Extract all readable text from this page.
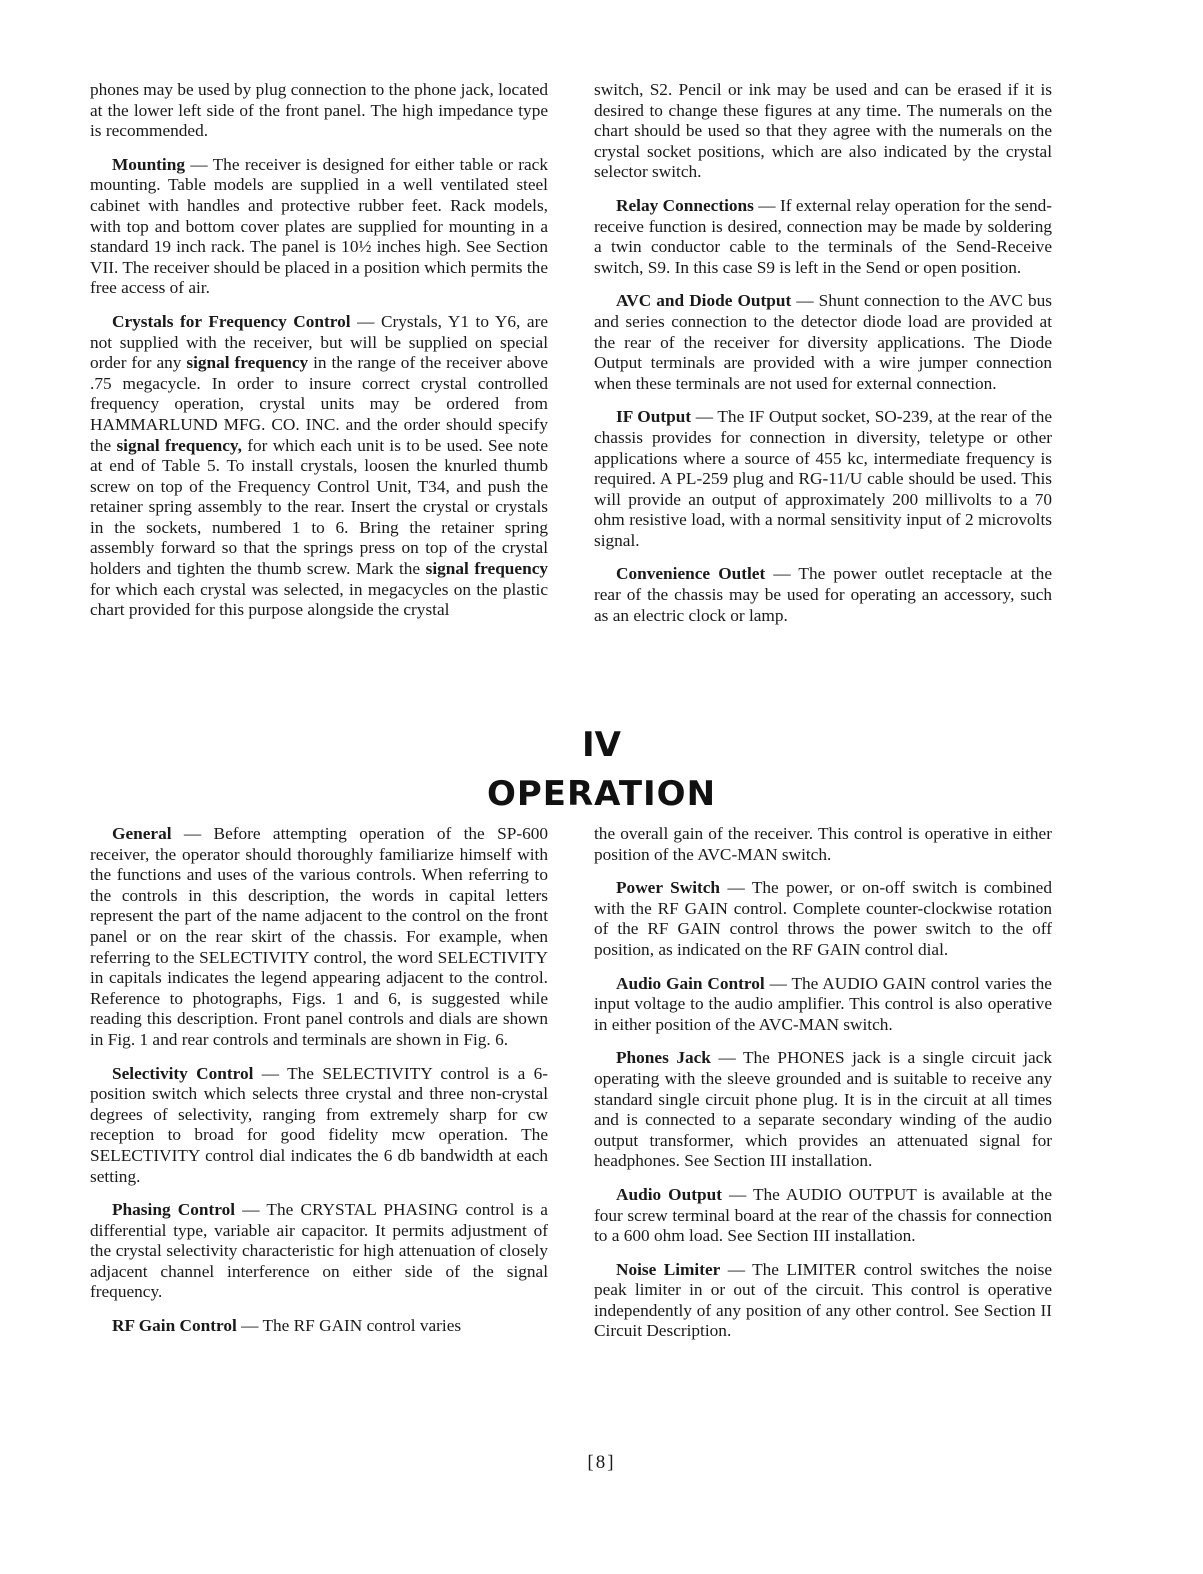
phones may be used by plug connection to the phone jack, located at the lower left side of the front panel. The high impedance type is recommended.

Mounting — The receiver is designed for either table or rack mounting. Table models are supplied in a well ventilated steel cabinet with handles and protective rubber feet. Rack models, with top and bottom cover plates are supplied for mounting in a standard 19 inch rack. The panel is 10½ inches high. See Section VII. The receiver should be placed in a position which permits the free access of air.

Crystals for Frequency Control — Crystals, Y1 to Y6, are not supplied with the receiver, but will be supplied on special order for any signal frequency in the range of the receiver above .75 megacycle. In order to insure correct crystal controlled frequency operation, crystal units may be ordered from HAMMARLUND MFG. CO. INC. and the order should specify the signal frequency, for which each unit is to be used. See note at end of Table 5. To install crystals, loosen the knurled thumb screw on top of the Frequency Control Unit, T34, and push the retainer spring assembly to the rear. Insert the crystal or crystals in the sockets, numbered 1 to 6. Bring the retainer spring assembly forward so that the springs press on top of the crystal holders and tighten the thumb screw. Mark the signal frequency for which each crystal was selected, in megacycles on the plastic chart provided for this purpose alongside the crystal

switch, S2. Pencil or ink may be used and can be erased if it is desired to change these figures at any time. The numerals on the chart should be used so that they agree with the numerals on the crystal socket positions, which are also indicated by the crystal selector switch.

Relay Connections — If external relay operation for the send-receive function is desired, connection may be made by soldering a twin conductor cable to the terminals of the Send-Receive switch, S9. In this case S9 is left in the Send or open position.

AVC and Diode Output — Shunt connection to the AVC bus and series connection to the detector diode load are provided at the rear of the receiver for diversity applications. The Diode Output terminals are provided with a wire jumper connection when these terminals are not used for external connection.

IF Output — The IF Output socket, SO-239, at the rear of the chassis provides for connection in diversity, teletype or other applications where a source of 455 kc, intermediate frequency is required. A PL-259 plug and RG-11/U cable should be used. This will provide an output of approximately 200 millivolts to a 70 ohm resistive load, with a normal sensitivity input of 2 microvolts signal.

Convenience Outlet — The power outlet receptacle at the rear of the chassis may be used for operating an accessory, such as an electric clock or lamp.

IV
OPERATION

General — Before attempting operation of the SP-600 receiver, the operator should thoroughly familiarize himself with the functions and uses of the various controls. When referring to the controls in this description, the words in capital letters represent the part of the name adjacent to the control on the front panel or on the rear skirt of the chassis. For example, when referring to the SELECTIVITY control, the word SELECTIVITY in capitals indicates the legend appearing adjacent to the control. Reference to photographs, Figs. 1 and 6, is suggested while reading this description. Front panel controls and dials are shown in Fig. 1 and rear controls and terminals are shown in Fig. 6.

Selectivity Control — The SELECTIVITY control is a 6-position switch which selects three crystal and three non-crystal degrees of selectivity, ranging from extremely sharp for cw reception to broad for good fidelity mcw operation. The SELECTIVITY control dial indicates the 6 db bandwidth at each setting.

Phasing Control — The CRYSTAL PHASING control is a differential type, variable air capacitor. It permits adjustment of the crystal selectivity characteristic for high attenuation of closely adjacent channel interference on either side of the signal frequency.

RF Gain Control — The RF GAIN control varies

the overall gain of the receiver. This control is operative in either position of the AVC-MAN switch.

Power Switch — The power, or on-off switch is combined with the RF GAIN control. Complete counter-clockwise rotation of the RF GAIN control throws the power switch to the off position, as indicated on the RF GAIN control dial.

Audio Gain Control — The AUDIO GAIN control varies the input voltage to the audio amplifier. This control is also operative in either position of the AVC-MAN switch.

Phones Jack — The PHONES jack is a single circuit jack operating with the sleeve grounded and is suitable to receive any standard single circuit phone plug. It is in the circuit at all times and is connected to a separate secondary winding of the audio output transformer, which provides an attenuated signal for headphones. See Section III installation.

Audio Output — The AUDIO OUTPUT is available at the four screw terminal board at the rear of the chassis for connection to a 600 ohm load. See Section III installation.

Noise Limiter — The LIMITER control switches the noise peak limiter in or out of the circuit. This control is operative independently of any position of any other control. See Section II Circuit Description.

[8]
